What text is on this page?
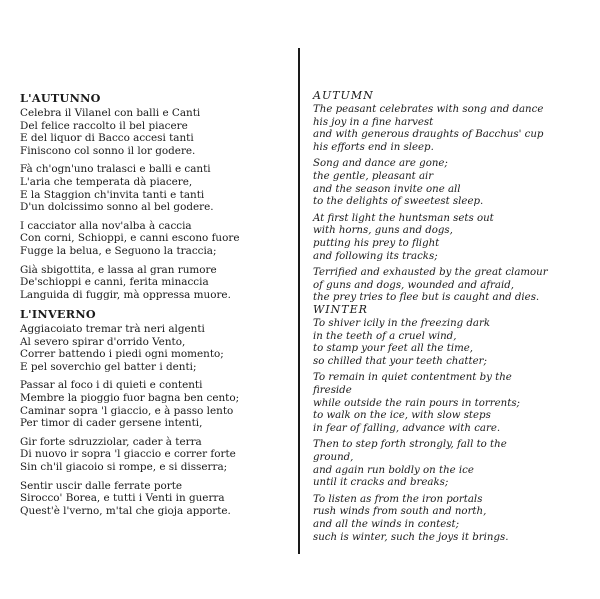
L'AUTUNNO
Celebra il Vilanel con balli e Canti
Del felice raccolto il bel piacere
E del liquor di Bacco accesi tanti
Finiscono col sonno il lor godere.
Fà ch'ogn'uno tralasci e balli e canti
L'aria che temperata dà piacere,
E la Staggion ch'invita tanti e tanti
D'un dolcissimo sonno al bel godere.
I cacciator alla nov'alba à caccia
Con corni, Schioppi, e canni escono fuore
Fugge la belua, e Seguono la traccia;
Già sbigottita, e lassa al gran rumore
De'schioppi e canni, ferita minaccia
Languida di fuggir, mà oppressa muore.
L'INVERNO
Aggiacoiato tremar trà neri algenti
Al severo spirar d'orrido Vento,
Correr battendo i piedi ogni momento;
E pel soverchio gel batter i denti;
Passar al foco i di quieti e contenti
Membre la pioggio fuor bagna ben cento;
Caminar sopra 'l giaccio, e à passo lento
Per timor di cader gersene intenti,
Gir forte sdruzziolar, cader à terra
Di nuovo ir sopra 'l giaccio e correr forte
Sin ch'il giacoio si rompe, e si disserra;
Sentir uscir dalle ferrate porte
Sirocco' Borea, e tutti i Venti in guerra
Quest'è l'verno, m'tal che gioja apporte.
AUTUMN
The peasant celebrates with song and dance
his joy in a fine harvest
and with generous draughts of Bacchus' cup
his efforts end in sleep.
Song and dance are gone;
the gentle, pleasant air
and the season invite one all
to the delights of sweetest sleep.
At first light the huntsman sets out
with horns, guns and dogs,
putting his prey to flight
and following its tracks;
Terrified and exhausted by the great clamour
of guns and dogs, wounded and afraid,
the prey tries to flee but is caught and dies.
WINTER
To shiver icily in the freezing dark
in the teeth of a cruel wind,
to stamp your feet all the time,
so chilled that your teeth chatter;
To remain in quiet contentment by the
fireside
while outside the rain pours in torrents;
to walk on the ice, with slow steps
in fear of falling, advance with care.
Then to step forth strongly, fall to the
ground,
and again run boldly on the ice
until it cracks and breaks;
To listen as from the iron portals
rush winds from south and north,
and all the winds in contest;
such is winter, such the joys it brings.
